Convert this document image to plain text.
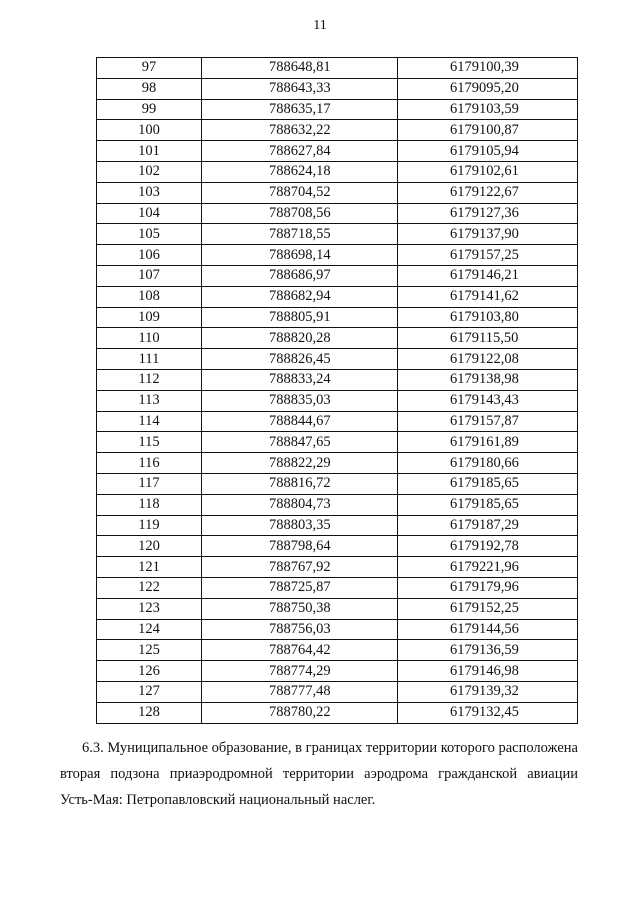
11
97	788648,81	6179100,39
98	788643,33	6179095,20
99	788635,17	6179103,59
100	788632,22	6179100,87
101	788627,84	6179105,94
102	788624,18	6179102,61
103	788704,52	6179122,67
104	788708,56	6179127,36
105	788718,55	6179137,90
106	788698,14	6179157,25
107	788686,97	6179146,21
108	788682,94	6179141,62
109	788805,91	6179103,80
110	788820,28	6179115,50
111	788826,45	6179122,08
112	788833,24	6179138,98
113	788835,03	6179143,43
114	788844,67	6179157,87
115	788847,65	6179161,89
116	788822,29	6179180,66
117	788816,72	6179185,65
118	788804,73	6179185,65
119	788803,35	6179187,29
120	788798,64	6179192,78
121	788767,92	6179221,96
122	788725,87	6179179,96
123	788750,38	6179152,25
124	788756,03	6179144,56
125	788764,42	6179136,59
126	788774,29	6179146,98
127	788777,48	6179139,32
128	788780,22	6179132,45
6.3. Муниципальное образование, в границах территории которого расположена
вторая подзона приаэродромной территории аэродрома гражданской авиации
Усть-Мая: Петропавловский национальный наслег.
